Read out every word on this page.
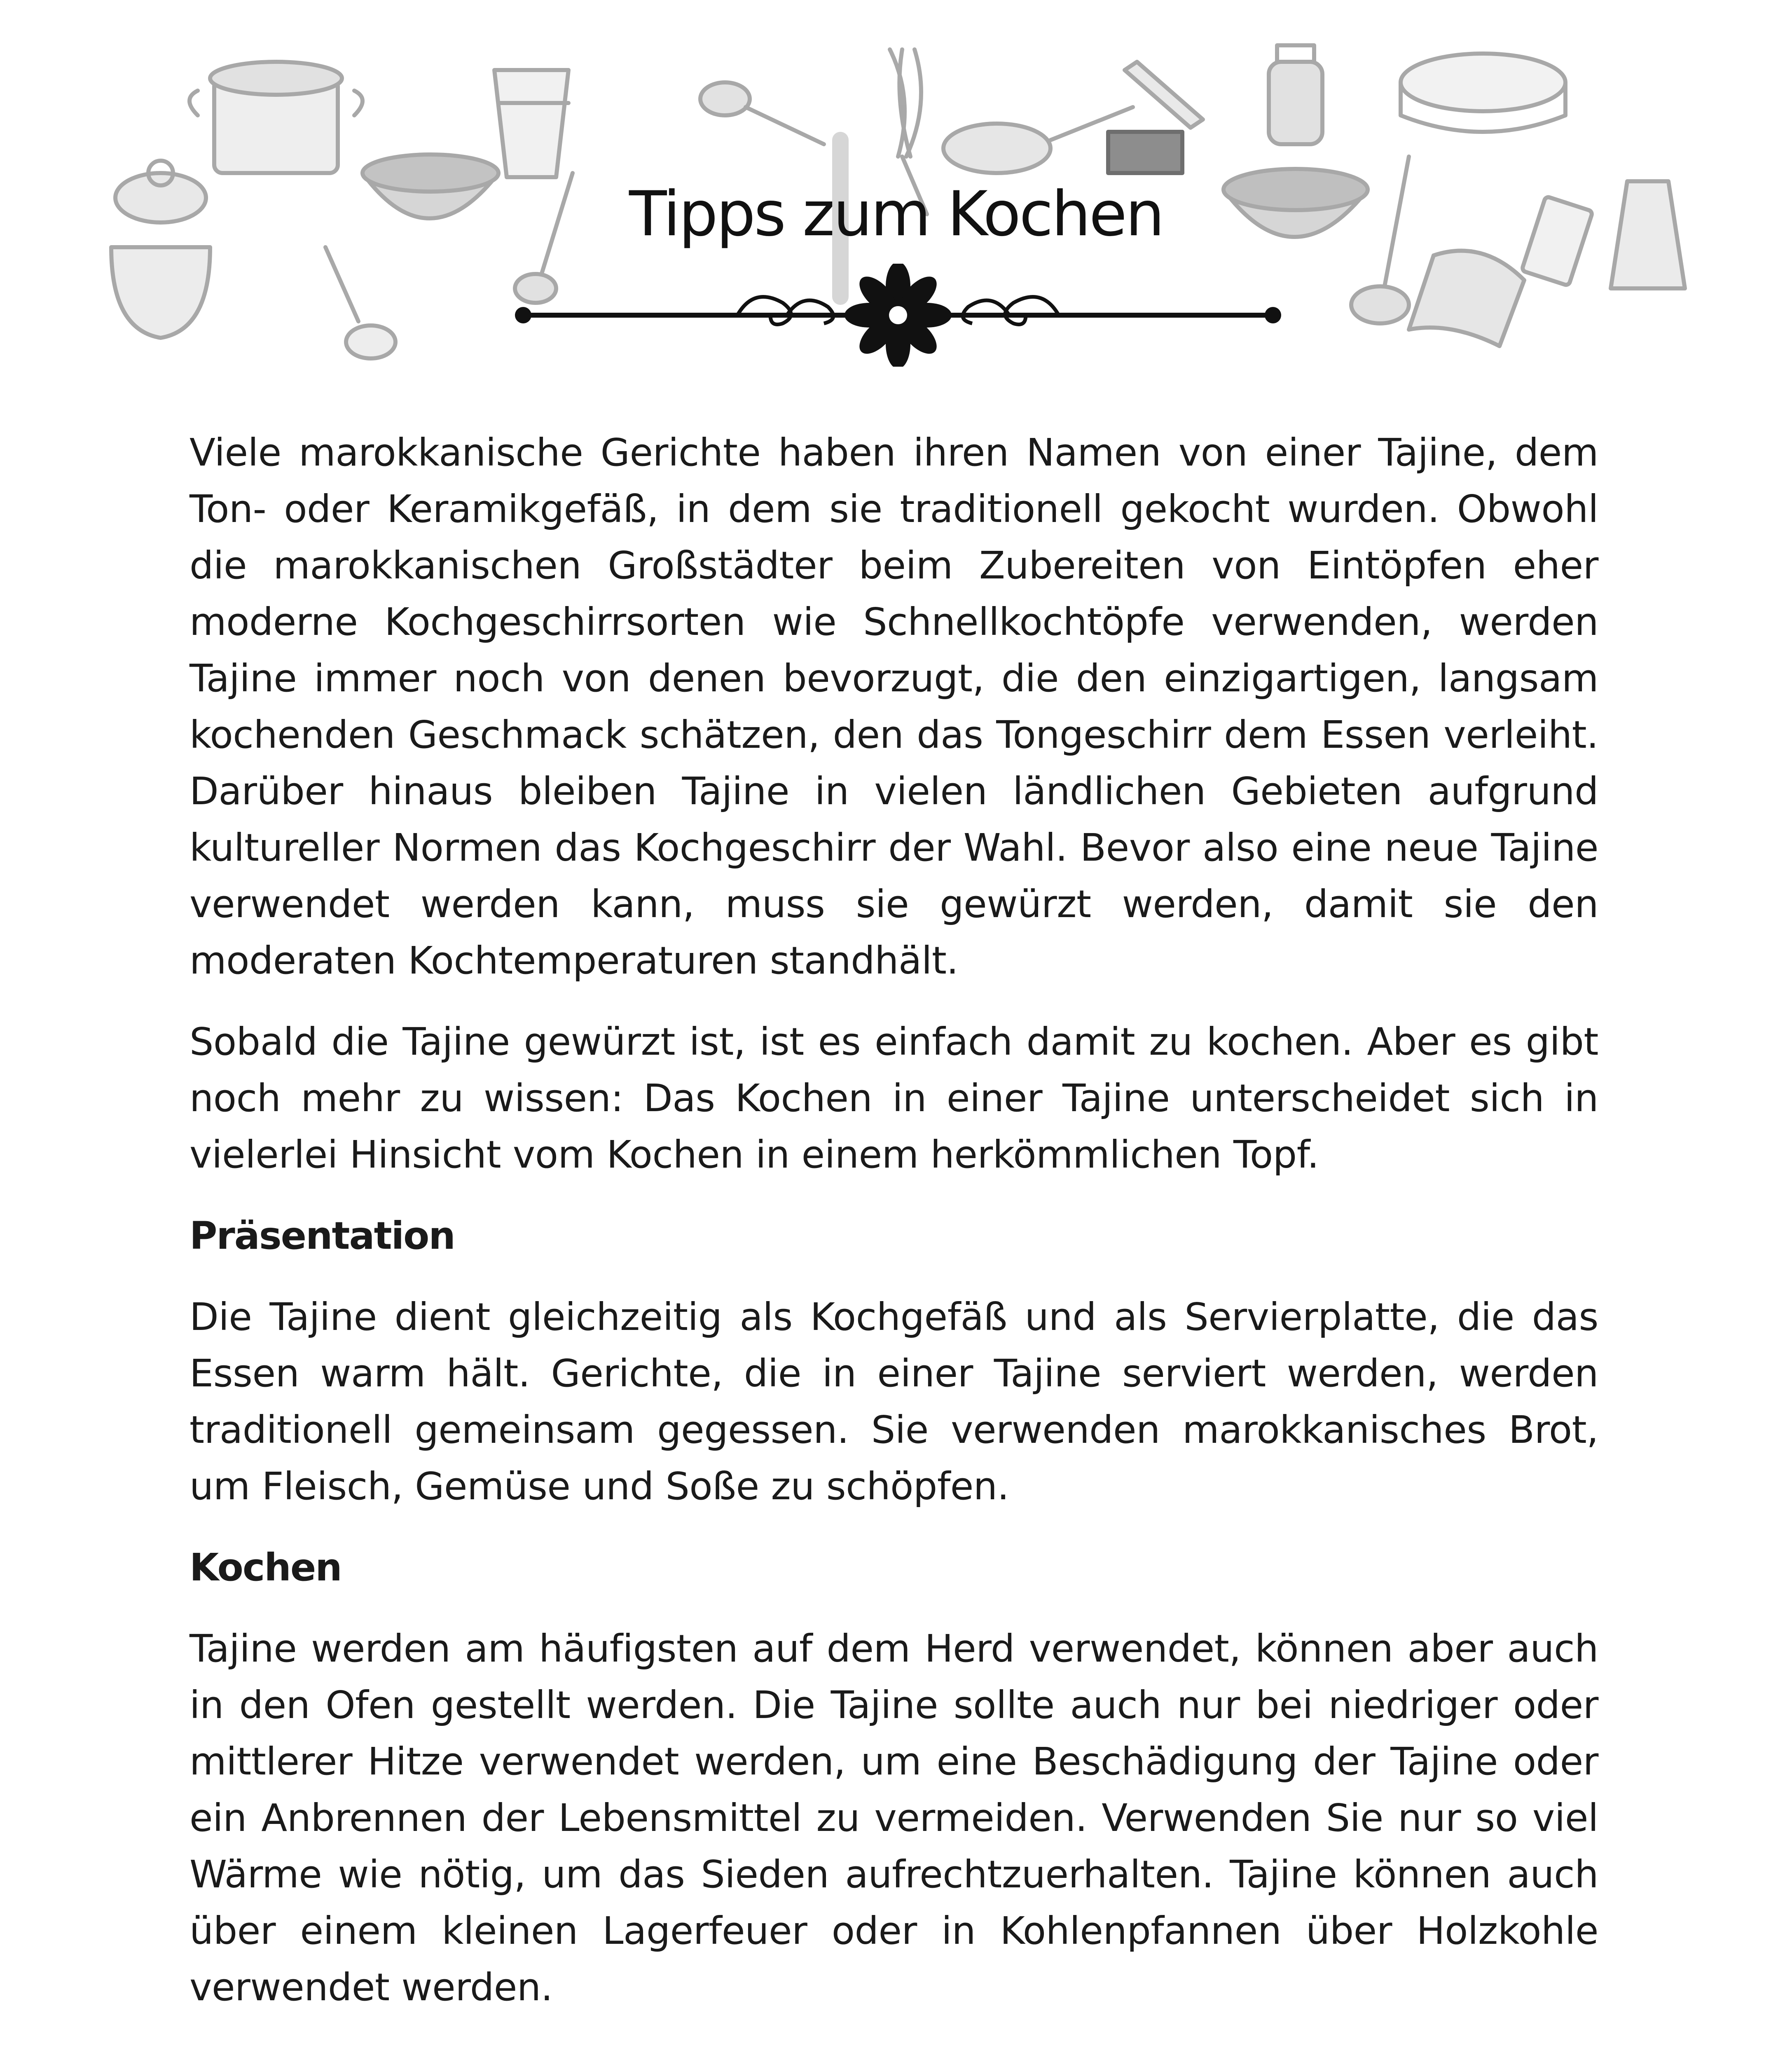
Tipps zum Kochen

Viele marokkanische Gerichte haben ihren Namen von einer Tajine, dem Ton- oder Keramikgefäß, in dem sie traditionell gekocht wurden. Obwohl die marokkanischen Großstädter beim Zubereiten von Eintöpfen eher moderne Kochgeschirrsorten wie Schnellkochtöpfe verwenden, werden Tajine immer noch von denen bevorzugt, die den einzigartigen, langsam kochenden Geschmack schätzen, den das Tongeschirr dem Essen verleiht. Darüber hinaus bleiben Tajine in vielen ländlichen Gebieten aufgrund kultureller Normen das Kochgeschirr der Wahl. Bevor also eine neue Tajine verwendet werden kann, muss sie gewürzt werden, damit sie den moderaten Kochtemperaturen standhält.

Sobald die Tajine gewürzt ist, ist es einfach damit zu kochen. Aber es gibt noch mehr zu wissen: Das Kochen in einer Tajine unterscheidet sich in vielerlei Hinsicht vom Kochen in einem herkömmlichen Topf.

Präsentation

Die Tajine dient gleichzeitig als Kochgefäß und als Servierplatte, die das Essen warm hält. Gerichte, die in einer Tajine serviert werden, werden traditionell gemeinsam gegessen. Sie verwenden marokkanisches Brot, um Fleisch, Gemüse und Soße zu schöpfen.

Kochen

Tajine werden am häufigsten auf dem Herd verwendet, können aber auch in den Ofen gestellt werden. Die Tajine sollte auch nur bei niedriger oder mittlerer Hitze verwendet werden, um eine Beschädigung der Tajine oder ein Anbrennen der Lebensmittel zu vermeiden. Verwenden Sie nur so viel Wärme wie nötig, um das Sieden aufrechtzuerhalten. Tajine können auch über einem kleinen Lagerfeuer oder in Kohlenpfannen über Holzkohle verwendet werden.
